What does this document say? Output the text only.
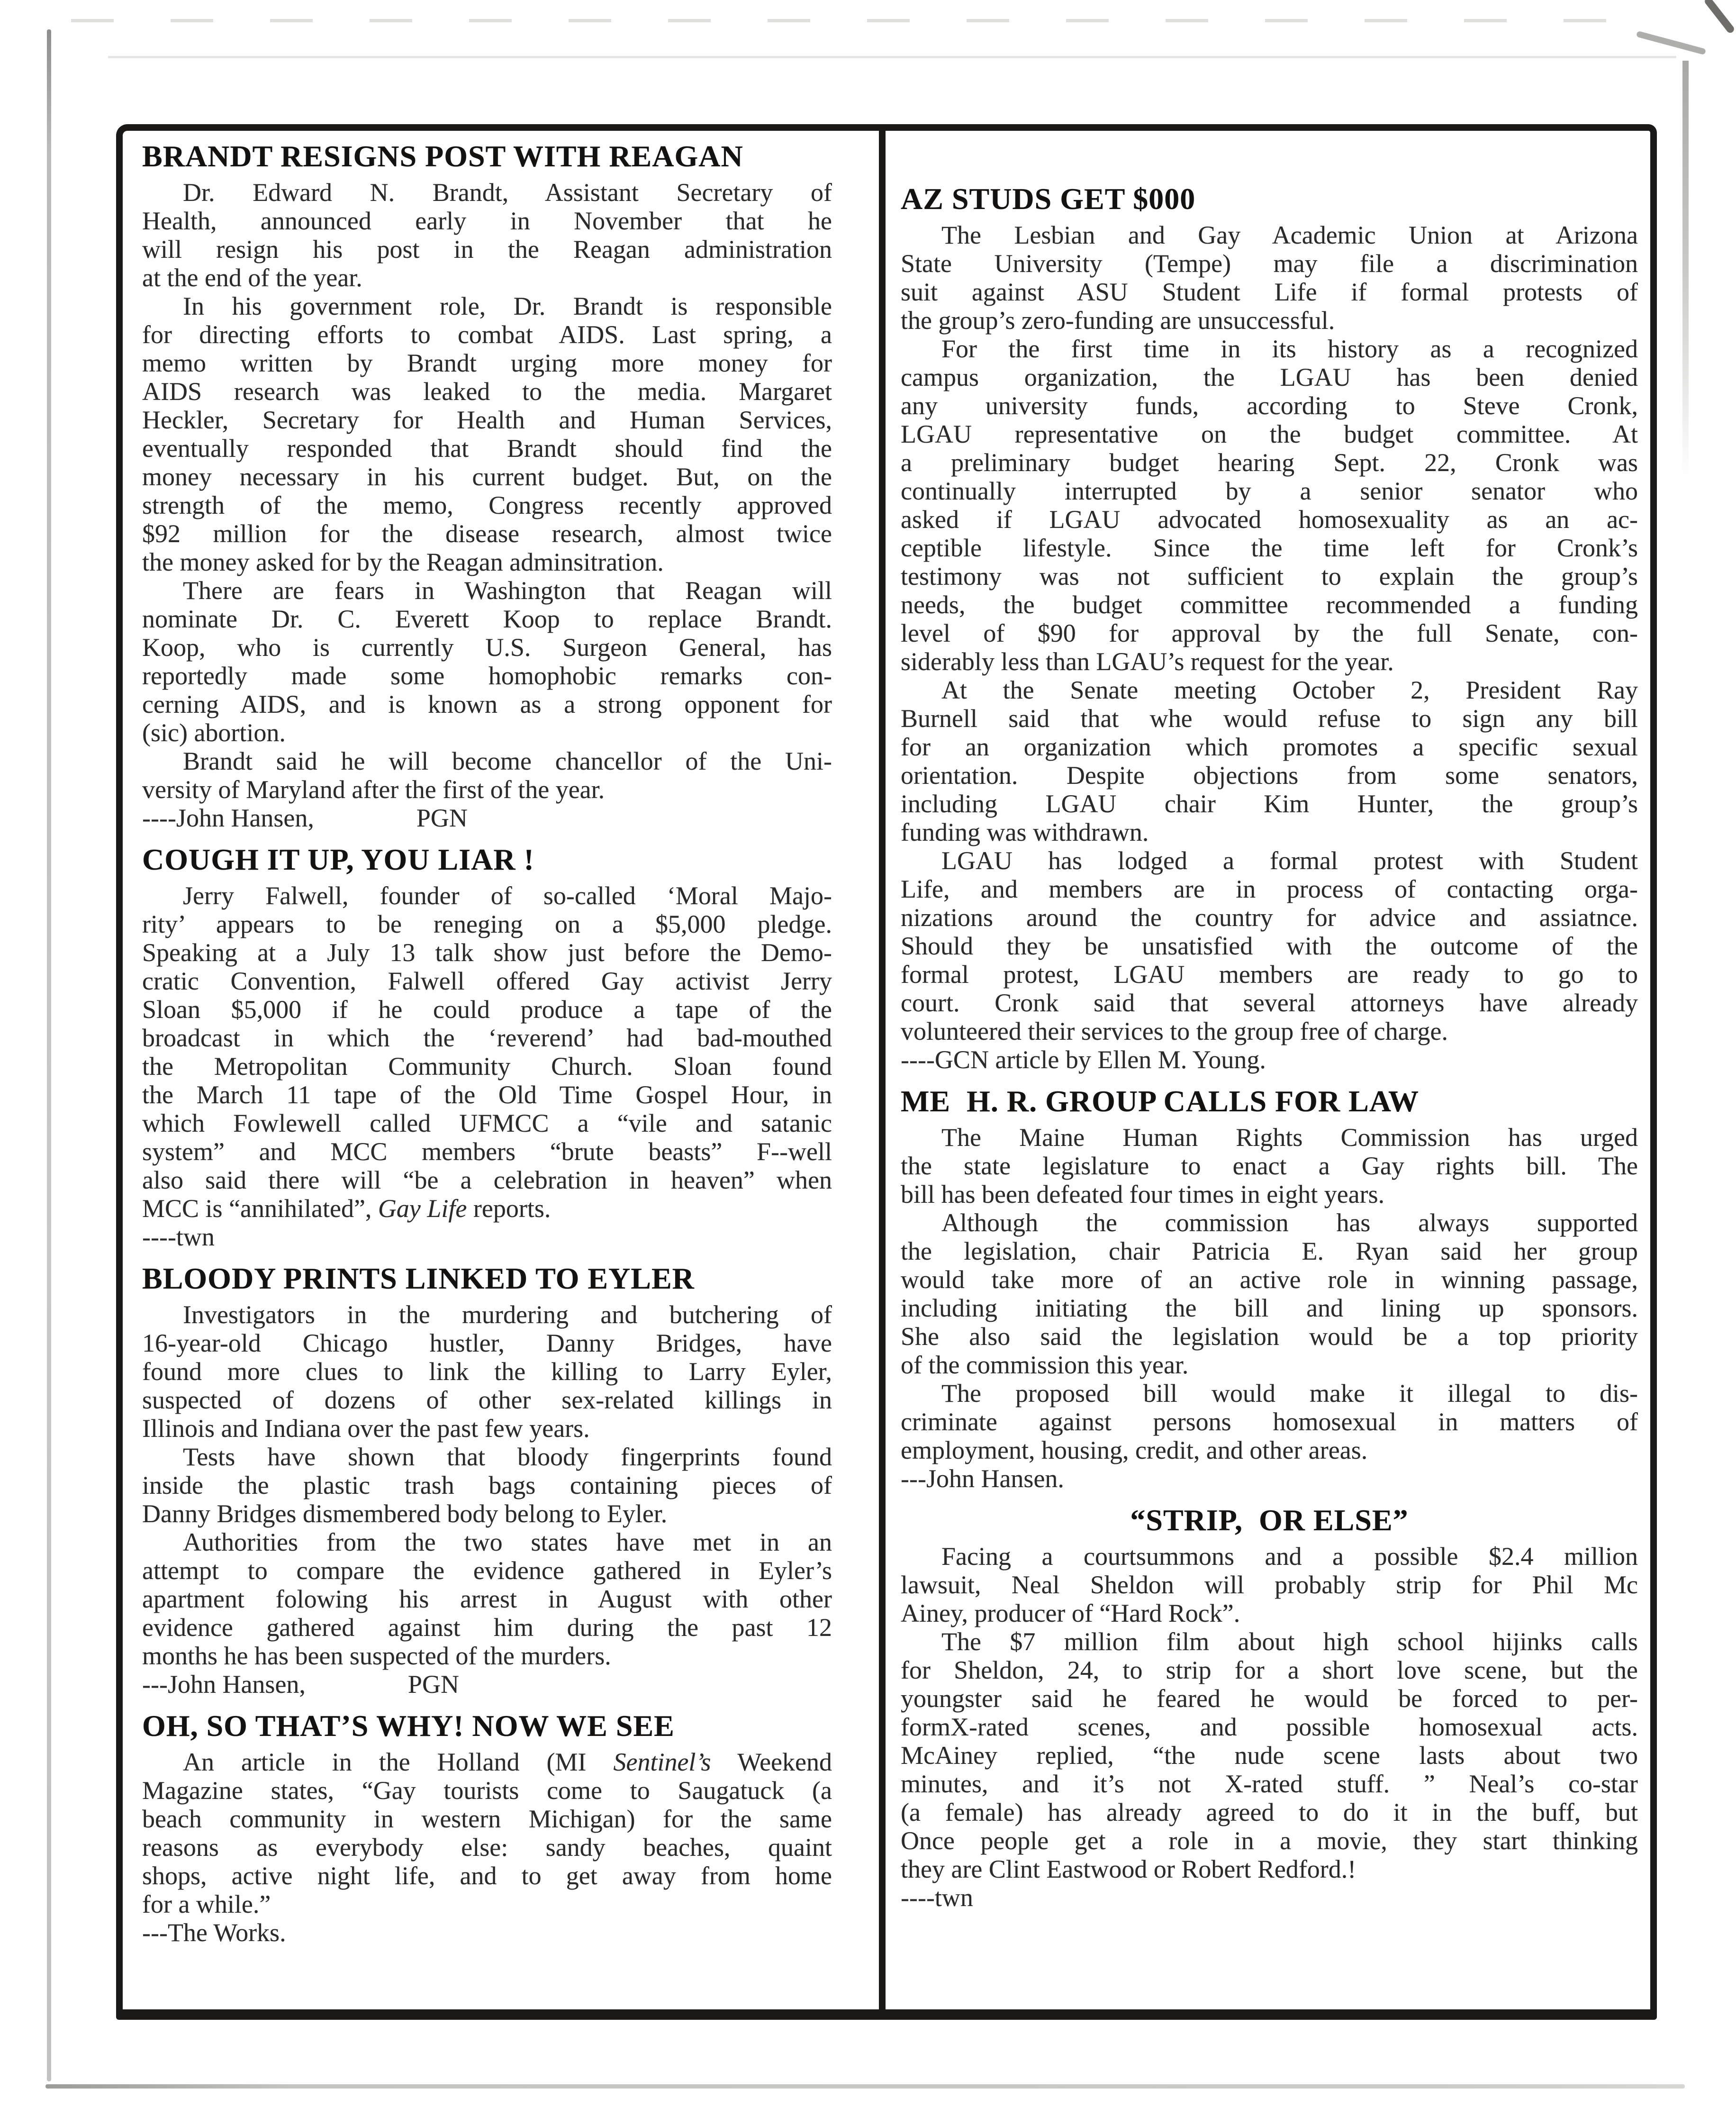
BRANDT RESIGNS POST WITH REAGAN
Dr. Edward N. Brandt, Assistant Secretary of
Health, announced early in November that he
will resign his post in the Reagan administration
at the end of the year.
In his government role, Dr. Brandt is responsible
for directing efforts to combat AIDS. Last spring, a
memo written by Brandt urging more money for
AIDS research was leaked to the media. Margaret
Heckler, Secretary for Health and Human Services,
eventually responded that Brandt should find the
money necessary in his current budget. But, on the
strength of the memo, Congress recently approved
$92 million for the disease research, almost twice
the money asked for by the Reagan adminsitration.
There are fears in Washington that Reagan will
nominate Dr. C. Everett Koop to replace Brandt.
Koop, who is currently U.S. Surgeon General, has
reportedly made some homophobic remarks con-
cerning AIDS, and is known as a strong opponent for
(sic) abortion.
Brandt said he will become chancellor of the Uni-
versity of Maryland after the first of the year.
----John Hansen,                PGN
COUGH IT UP, YOU LIAR !
Jerry Falwell, founder of so-called ‘Moral Majo-
rity’ appears to be reneging on a $5,000 pledge.
Speaking at a July 13 talk show just before the Demo-
cratic Convention, Falwell offered Gay activist Jerry
Sloan $5,000 if he could produce a tape of the
broadcast in which the ‘reverend’ had bad-mouthed
the Metropolitan Community Church. Sloan found
the March 11 tape of the Old Time Gospel Hour, in
which Fowlewell called UFMCC a “vile and satanic
system” and MCC members “brute beasts” F--well
also said there will “be a celebration in heaven” when
MCC is “annihilated”, Gay Life reports.
----twn
BLOODY PRINTS LINKED TO EYLER
Investigators in the murdering and butchering of
16-year-old Chicago hustler, Danny Bridges, have
found more clues to link the killing to Larry Eyler,
suspected of dozens of other sex-related killings in
Illinois and Indiana over the past few years.
Tests have shown that bloody fingerprints found
inside the plastic trash bags containing pieces of
Danny Bridges dismembered body belong to Eyler.
Authorities from the two states have met in an
attempt to compare the evidence gathered in Eyler’s
apartment folowing his arrest in August with other
evidence gathered against him during the past 12
months he has been suspected of the murders.
---John Hansen,                PGN
OH, SO THAT’S WHY! NOW WE SEE
An article in the Holland (MI Sentinel’s Weekend
Magazine states, “Gay tourists come to Saugatuck (a
beach community in western Michigan) for the same
reasons as everybody else: sandy beaches, quaint
shops, active night life, and to get away from home
for a while.”
---The Works.
AZ STUDS GET $000
The Lesbian and Gay Academic Union at Arizona
State University (Tempe) may file a discrimination
suit against ASU Student Life if formal protests of
the group’s zero-funding are unsuccessful.
For the first time in its history as a recognized
campus organization, the LGAU has been denied
any university funds, according to Steve Cronk,
LGAU representative on the budget committee. At
a preliminary budget hearing Sept. 22, Cronk was
continually interrupted by a senior senator who
asked if LGAU advocated homosexuality as an ac-
ceptible lifestyle. Since the time left for Cronk’s
testimony was not sufficient to explain the group’s
needs, the budget committee recommended a funding
level of $90 for approval by the full Senate, con-
siderably less than LGAU’s request for the year.
At the Senate meeting October 2, President Ray
Burnell said that whe would refuse to sign any bill
for an organization which promotes a specific sexual
orientation. Despite objections from some senators,
including LGAU chair Kim Hunter, the group’s
funding was withdrawn.
LGAU has lodged a formal protest with Student
Life, and members are in process of contacting orga-
nizations around the country for advice and assiatnce.
Should they be unsatisfied with the outcome of the
formal protest, LGAU members are ready to go to
court. Cronk said that several attorneys have already
volunteered their services to the group free of charge.
----GCN article by Ellen M. Young.
ME  H. R. GROUP CALLS FOR LAW
The Maine Human Rights Commission has urged
the state legislature to enact a Gay rights bill. The
bill has been defeated four times in eight years.
Although the commission has always supported
the legislation, chair Patricia E. Ryan said her group
would take more of an active role in winning passage,
including initiating the bill and lining up sponsors.
She also said the legislation would be a top priority
of the commission this year.
The proposed bill would make it illegal to dis-
criminate against persons homosexual in matters of
employment, housing, credit, and other areas.
---John Hansen.
“STRIP,  OR ELSE”
Facing a courtsummons and a possible $2.4 million
lawsuit, Neal Sheldon will probably strip for Phil Mc
Ainey, producer of “Hard Rock”.
The $7 million film about high school hijinks calls
for Sheldon, 24, to strip for a short love scene, but the
youngster said he feared he would be forced to per-
formX-rated scenes, and possible homosexual acts.
McAiney replied, “the nude scene lasts about two
minutes, and it’s not X-rated stuff. ” Neal’s co-star
(a female) has already agreed to do it in the buff, but
Once people get a role in a movie, they start thinking
they are Clint Eastwood or Robert Redford.!
----twn
